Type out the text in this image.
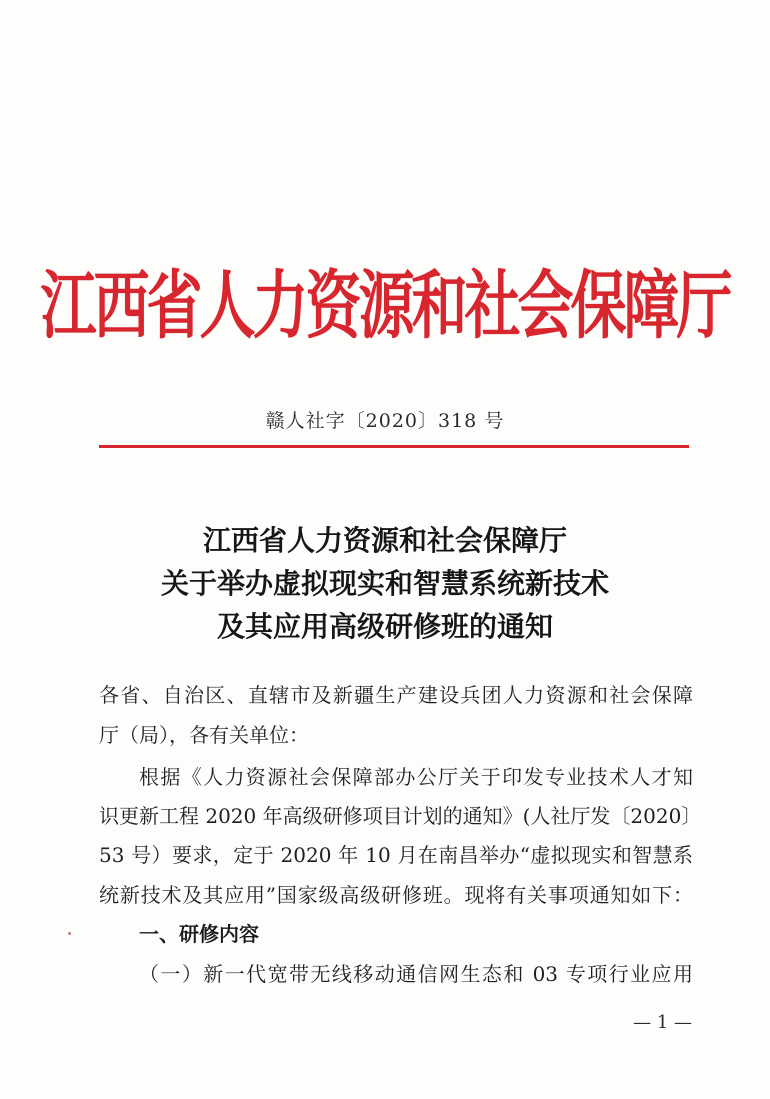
江西省人力资源和社会保障厅
赣人社字〔2020〕318 号
江西省人力资源和社会保障厅
关于举办虚拟现实和智慧系统新技术
及其应用高级研修班的通知
各省、自治区、直辖市及新疆生产建设兵团人力资源和社会保障
厅（局），各有关单位：
根据《人力资源社会保障部办公厅关于印发专业技术人才知
识更新工程 2020 年高级研修项目计划的通知》(人社厅发〔2020〕
53 号）要求，定于 2020 年 10 月在南昌举办“虚拟现实和智慧系
统新技术及其应用”国家级高级研修班。现将有关事项通知如下：
一、研修内容
（一）新一代宽带无线移动通信网生态和 03 专项行业应用
— 1 —
